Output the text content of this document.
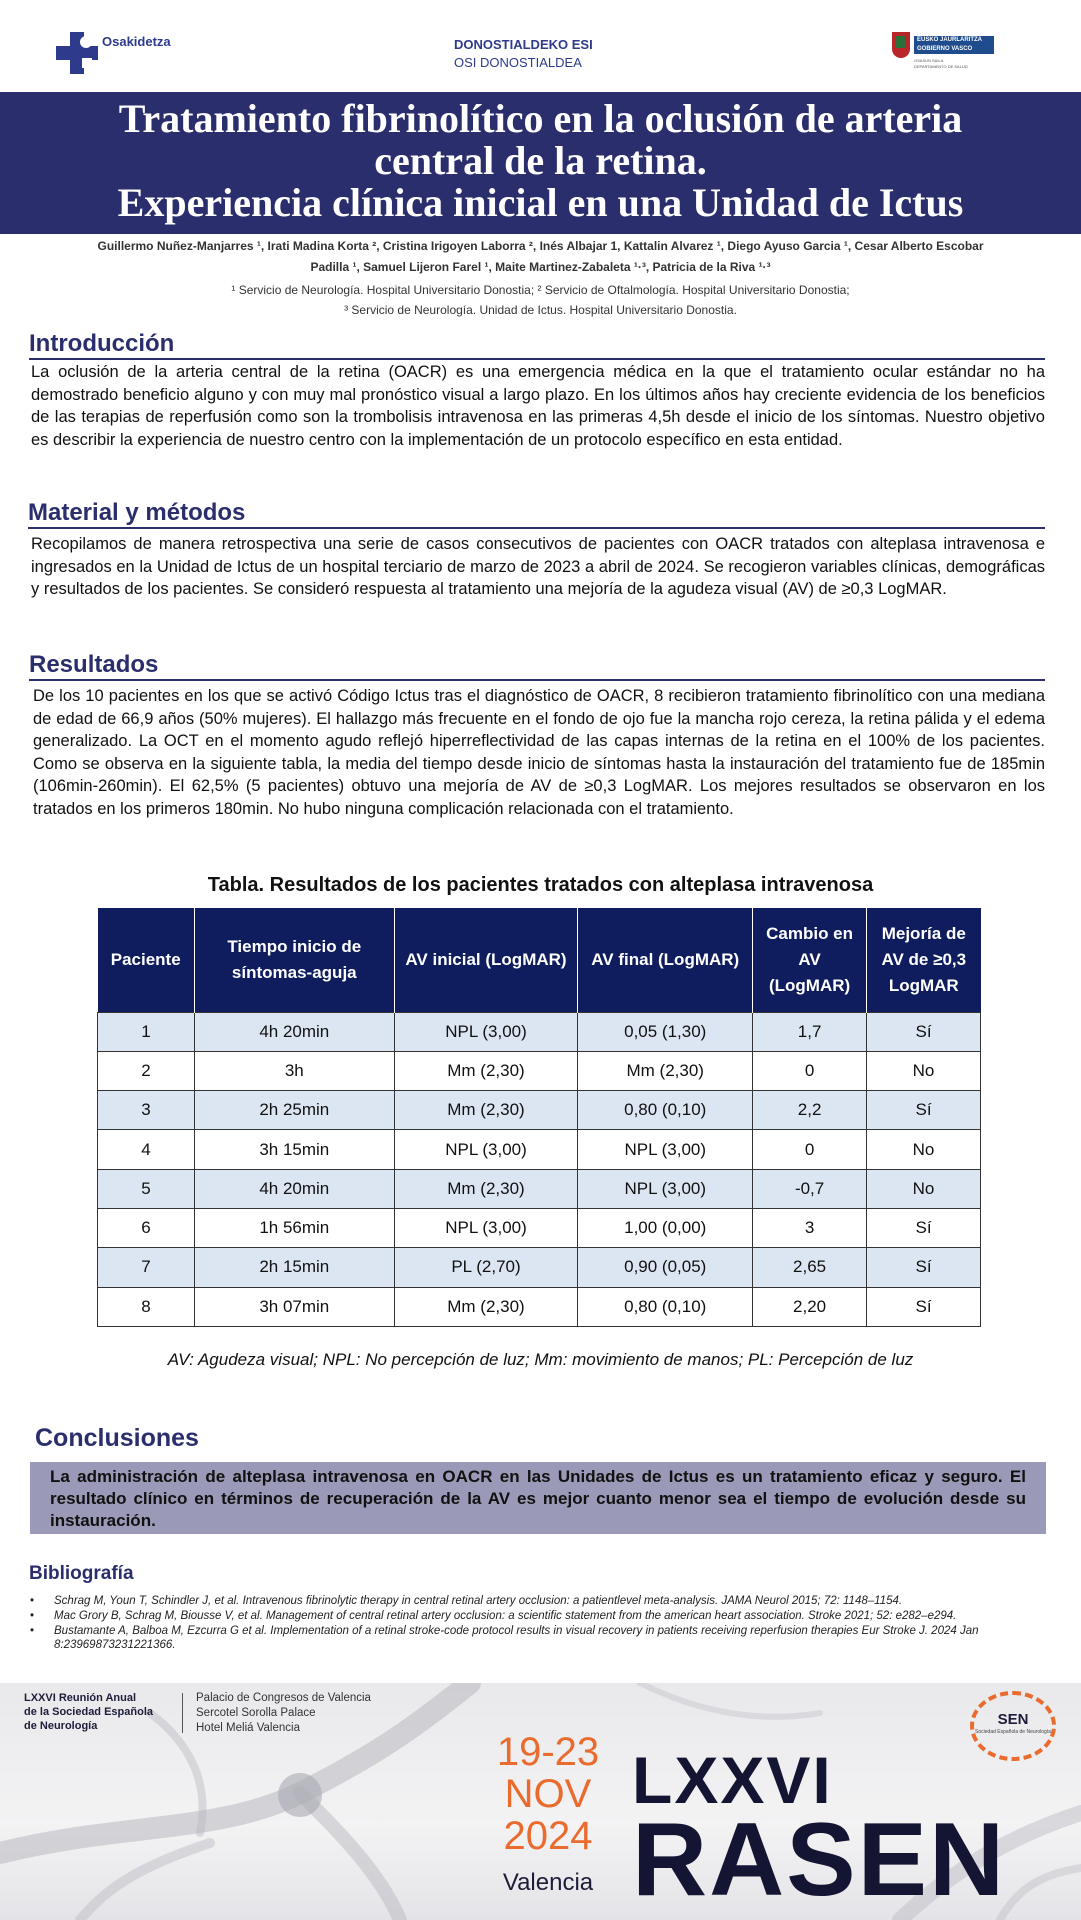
Osakidetza	DONOSTIALDEKO ESI
OSI DONOSTIALDEA
EUSKO JAURLARITZA
GOBIERNO VASCO
OSASUN SAILA
DEPARTAMENTO DE SALUD
Tratamiento fibrinolítico en la oclusión de arteria
central de la retina.
Experiencia clínica inicial en una Unidad de Ictus
Guillermo Nuñez-Manjarres ¹, Irati Madina Korta ², Cristina Irigoyen Laborra ², Inés Albajar 1, Kattalin Alvarez ¹, Diego Ayuso Garcia ¹, Cesar Alberto Escobar
Padilla ¹, Samuel Lijeron Farel ¹, Maite Martinez-Zabaleta ¹·³, Patricia de la Riva ¹·³
¹ Servicio de Neurología. Hospital Universitario Donostia; ² Servicio de Oftalmología. Hospital Universitario Donostia;
³ Servicio de Neurología. Unidad de Ictus. Hospital Universitario Donostia.
Introducción
La oclusión de la arteria central de la retina (OACR) es una emergencia médica en la que el tratamiento ocular estándar no ha demostrado beneficio alguno y con muy mal pronóstico visual a largo plazo. En los últimos años hay creciente evidencia de los beneficios de las terapias de reperfusión como son la trombolisis intravenosa en las primeras 4,5h desde el inicio de los síntomas. Nuestro objetivo es describir la experiencia de nuestro centro con la implementación de un protocolo específico en esta entidad.
Material y métodos
Recopilamos de manera retrospectiva una serie de casos consecutivos de pacientes con OACR tratados con alteplasa intravenosa e ingresados en la Unidad de Ictus de un hospital terciario de marzo de 2023 a abril de 2024. Se recogieron variables clínicas, demográficas y resultados de los pacientes. Se consideró respuesta al tratamiento una mejoría de la agudeza visual (AV) de ≥0,3 LogMAR.
Resultados
De los 10 pacientes en los que se activó Código Ictus tras el diagnóstico de OACR, 8 recibieron tratamiento fibrinolítico con una mediana de edad de 66,9 años (50% mujeres). El hallazgo más frecuente en el fondo de ojo fue la mancha rojo cereza, la retina pálida y el edema generalizado. La OCT en el momento agudo reflejó hiperreflectividad de las capas internas de la retina en el 100% de los pacientes. Como se observa en la siguiente tabla, la media del tiempo desde inicio de síntomas hasta la instauración del tratamiento fue de 185min (106min-260min). El 62,5% (5 pacientes) obtuvo una mejoría de AV de ≥0,3 LogMAR. Los mejores resultados se observaron en los tratados en los primeros 180min. No hubo ninguna complicación relacionada con el tratamiento.
Tabla. Resultados de los pacientes tratados con alteplasa intravenosa
Paciente	Tiempo inicio de síntomas-aguja	AV inicial (LogMAR)	AV final (LogMAR)	Cambio en AV (LogMAR)	Mejoría de AV de ≥0,3 LogMAR
1	4h 20min	NPL (3,00)	0,05 (1,30)	1,7	Sí
2	3h	Mm (2,30)	Mm (2,30)	0	No
3	2h 25min	Mm (2,30)	0,80 (0,10)	2,2	Sí
4	3h 15min	NPL (3,00)	NPL (3,00)	0	No
5	4h 20min	Mm (2,30)	NPL (3,00)	-0,7	No
6	1h 56min	NPL (3,00)	1,00 (0,00)	3	Sí
7	2h 15min	PL (2,70)	0,90 (0,05)	2,65	Sí
8	3h 07min	Mm (2,30)	0,80 (0,10)	2,20	Sí
AV: Agudeza visual; NPL: No percepción de luz; Mm: movimiento de manos; PL: Percepción de luz
Conclusiones
La administración de alteplasa intravenosa en OACR en las Unidades de Ictus es un tratamiento eficaz y seguro. El resultado clínico en términos de recuperación de la AV es mejor cuanto menor sea el tiempo de evolución desde su instauración.
Bibliografía
• Schrag M, Youn T, Schindler J, et al. Intravenous fibrinolytic therapy in central retinal artery occlusion: a patientlevel meta-analysis. JAMA Neurol 2015; 72: 1148–1154.
• Mac Grory B, Schrag M, Biousse V, et al. Management of central retinal artery occlusion: a scientific statement from the american heart association. Stroke 2021; 52: e282–e294.
• Bustamante A, Balboa M, Ezcurra G et al. Implementation of a retinal stroke-code protocol results in visual recovery in patients receiving reperfusion therapies Eur Stroke J. 2024 Jan 8:23969873231221366.
LXXVI Reunión Anual
de la Sociedad Española
de Neurología
Palacio de Congresos de Valencia
Sercotel Sorolla Palace
Hotel Meliá Valencia
19-23
NOV
2024
Valencia
LXXVI
RASEN
SEN
Sociedad Española de Neurología
